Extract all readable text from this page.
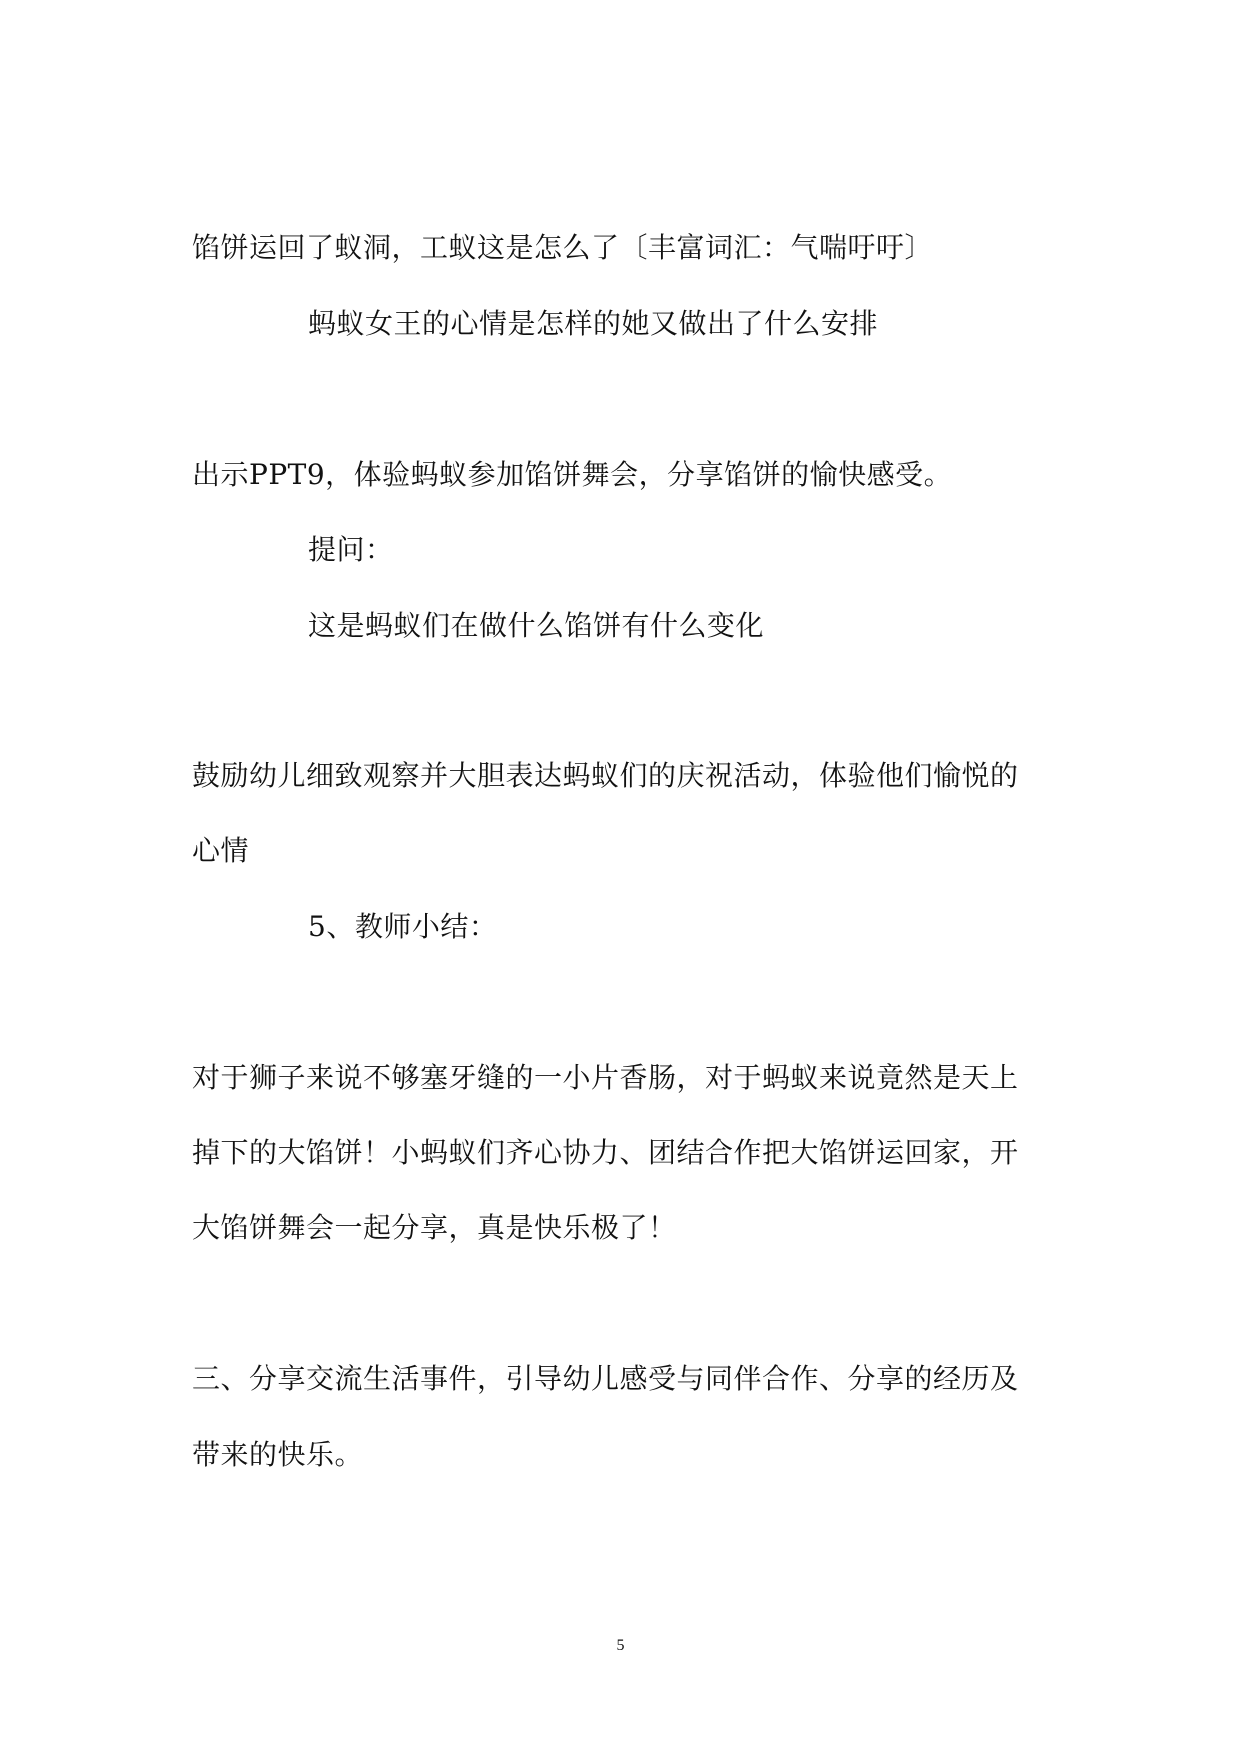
馅饼运回了蚁洞，工蚁这是怎么了〔丰富词汇：气喘吁吁〕
蚂蚁女王的心情是怎样的她又做出了什么安排
出示PPT9，体验蚂蚁参加馅饼舞会，分享馅饼的愉快感受。
提问：
这是蚂蚁们在做什么馅饼有什么变化
鼓励幼儿细致观察并大胆表达蚂蚁们的庆祝活动，体验他们愉悦的
心情
5、教师小结：
对于狮子来说不够塞牙缝的一小片香肠，对于蚂蚁来说竟然是天上
掉下的大馅饼！小蚂蚁们齐心协力、团结合作把大馅饼运回家，开
大馅饼舞会一起分享，真是快乐极了！
三、分享交流生活事件，引导幼儿感受与同伴合作、分享的经历及
带来的快乐。
5
